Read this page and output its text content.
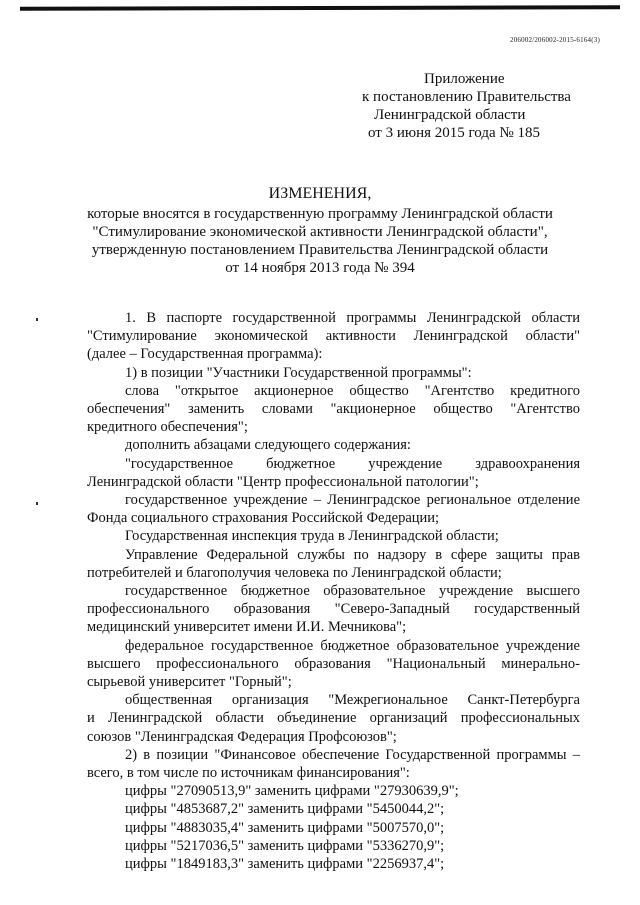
206002/206002-2015-6164(3)
Приложение
к постановлению Правительства
Ленинградской области
от 3 июня 2015 года № 185
ИЗМЕНЕНИЯ,
которые вносятся в государственную программу Ленинградской области
"Стимулирование экономической активности Ленинградской области",
утвержденную постановлением Правительства Ленинградской области
от 14 ноября 2013 года № 394

1. В паспорте государственной программы Ленинградской области

"Стимулирование экономической активности Ленинградской области"

(далее – Государственная программа):

1) в позиции "Участники Государственной программы":

слова "открытое акционерное общество "Агентство кредитного

обеспечения" заменить словами "акционерное общество "Агентство

кредитного обеспечения";

дополнить абзацами следующего содержания:

"государственное бюджетное учреждение здравоохранения

Ленинградской области "Центр профессиональной патологии";

государственное учреждение – Ленинградское региональное отделение

Фонда социального страхования Российской Федерации;

Государственная инспекция труда в Ленинградской области;

Управление Федеральной службы по надзору в сфере защиты прав

потребителей и благополучия человека по Ленинградской области;

государственное бюджетное образовательное учреждение высшего

профессионального образования "Северо-Западный государственный

медицинский университет имени И.И. Мечникова";

федеральное государственное бюджетное образовательное учреждение

высшего профессионального образования "Национальный минерально-

сырьевой университет "Горный";

общественная организация "Межрегиональное Санкт-Петербурга

и Ленинградской области объединение организаций профессиональных

союзов "Ленинградская Федерация Профсоюзов";

2) в позиции "Финансовое обеспечение Государственной программы –

всего, в том числе по источникам финансирования":

цифры "27090513,9" заменить цифрами "27930639,9";

цифры "4853687,2" заменить цифрами "5450044,2";

цифры "4883035,4" заменить цифрами "5007570,0";

цифры "5217036,5" заменить цифрами "5336270,9";

цифры "1849183,3" заменить цифрами "2256937,4";
